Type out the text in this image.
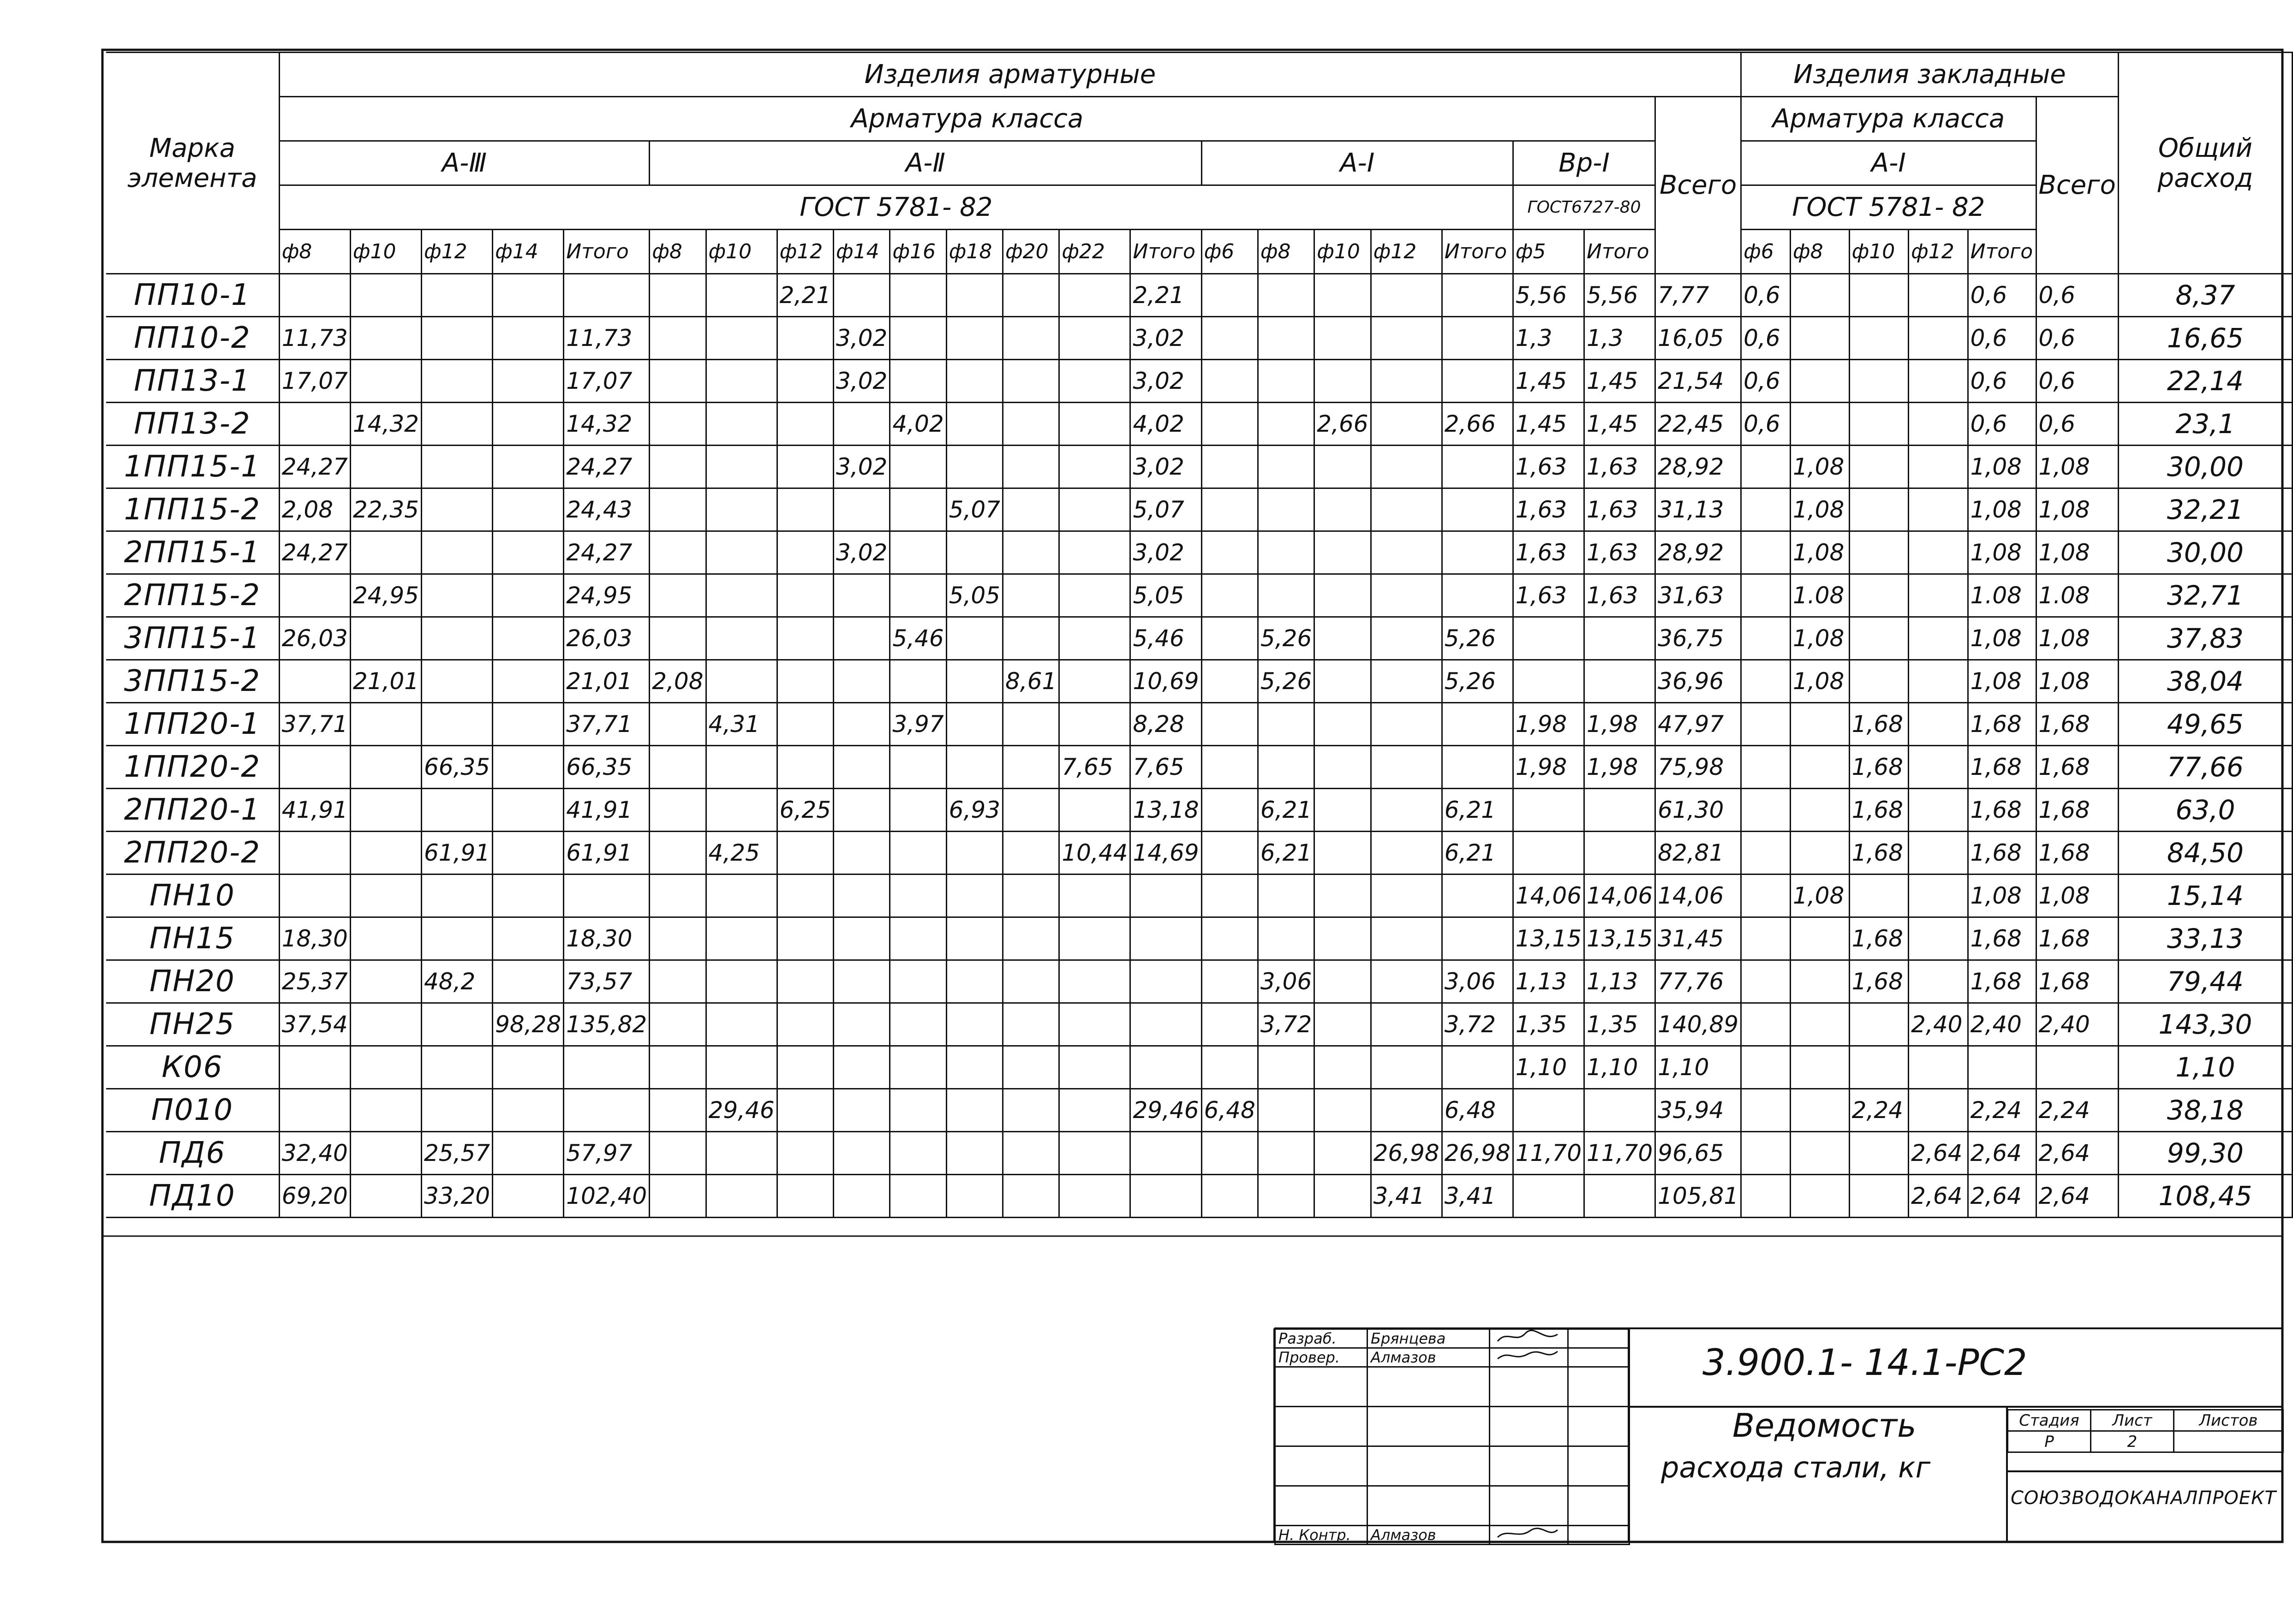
Марка
элемента	Изделия арматурные																						Изделия закладные						Общий
расход
	Арматура класса																					Всего	Арматура класса					Всего	
	А-Ⅲ					А-Ⅱ									А-Ⅰ					Вр-Ⅰ			А-Ⅰ						
	ГОСТ 5781- 82																			ГОСТ6727-80			ГОСТ 5781- 82						
	ф8	ф10	ф12	ф14	Итого	ф8	ф10	ф12	ф14	ф16	ф18	ф20	ф22	Итого	ф6	ф8	ф10	ф12	Итого	ф5	Итого		ф6	ф8	ф10	ф12	Итого		
ПП10-1								2,21						2,21						5,56	5,56	7,77	0,6				0,6	0,6	8,37
ПП10-2	11,73				11,73				3,02					3,02						1,3	1,3	16,05	0,6				0,6	0,6	16,65
ПП13-1	17,07				17,07				3,02					3,02						1,45	1,45	21,54	0,6				0,6	0,6	22,14
ПП13-2		14,32			14,32					4,02				4,02			2,66		2,66	1,45	1,45	22,45	0,6				0,6	0,6	23,1
1ПП15-1	24,27				24,27				3,02					3,02						1,63	1,63	28,92		1,08			1,08	1,08	30,00
1ПП15-2	2,08	22,35			24,43						5,07			5,07						1,63	1,63	31,13		1,08			1,08	1,08	32,21
2ПП15-1	24,27				24,27				3,02					3,02						1,63	1,63	28,92		1,08			1,08	1,08	30,00
2ПП15-2		24,95			24,95						5,05			5,05						1,63	1,63	31,63		1.08			1.08	1.08	32,71
3ПП15-1	26,03				26,03					5,46				5,46		5,26			5,26			36,75		1,08			1,08	1,08	37,83
3ПП15-2		21,01			21,01	2,08						8,61		10,69		5,26			5,26			36,96		1,08			1,08	1,08	38,04
1ПП20-1	37,71				37,71		4,31			3,97				8,28						1,98	1,98	47,97			1,68		1,68	1,68	49,65
1ПП20-2			66,35		66,35								7,65	7,65						1,98	1,98	75,98			1,68		1,68	1,68	77,66
2ПП20-1	41,91				41,91			6,25			6,93			13,18		6,21			6,21			61,30			1,68		1,68	1,68	63,0
2ПП20-2			61,91		61,91		4,25						10,44	14,69		6,21			6,21			82,81			1,68		1,68	1,68	84,50
ПН10																				14,06	14,06	14,06		1,08			1,08	1,08	15,14
ПН15	18,30				18,30															13,15	13,15	31,45			1,68		1,68	1,68	33,13
ПН20	25,37		48,2		73,57											3,06			3,06	1,13	1,13	77,76			1,68		1,68	1,68	79,44
ПН25	37,54			98,28	135,82											3,72			3,72	1,35	1,35	140,89				2,40	2,40	2,40	143,30
К06																				1,10	1,10	1,10							1,10
П010							29,46							29,46	6,48				6,48			35,94			2,24		2,24	2,24	38,18
ПД6	32,40		25,57		57,97													26,98	26,98	11,70	11,70	96,65				2,64	2,64	2,64	99,30
ПД10	69,20		33,20		102,40													3,41	3,41			105,81				2,64	2,64	2,64	108,45
Разраб.	Брянцева		
Провер.	Алмазов		

Н. Контр.	Алмазов		
3.900.1- 14.1-РС2
Ведомость
расхода стали, кг
Стадия	Лист	Листов
Р	2	
СОЮЗВОДОКАНАЛПРОЕКТ
